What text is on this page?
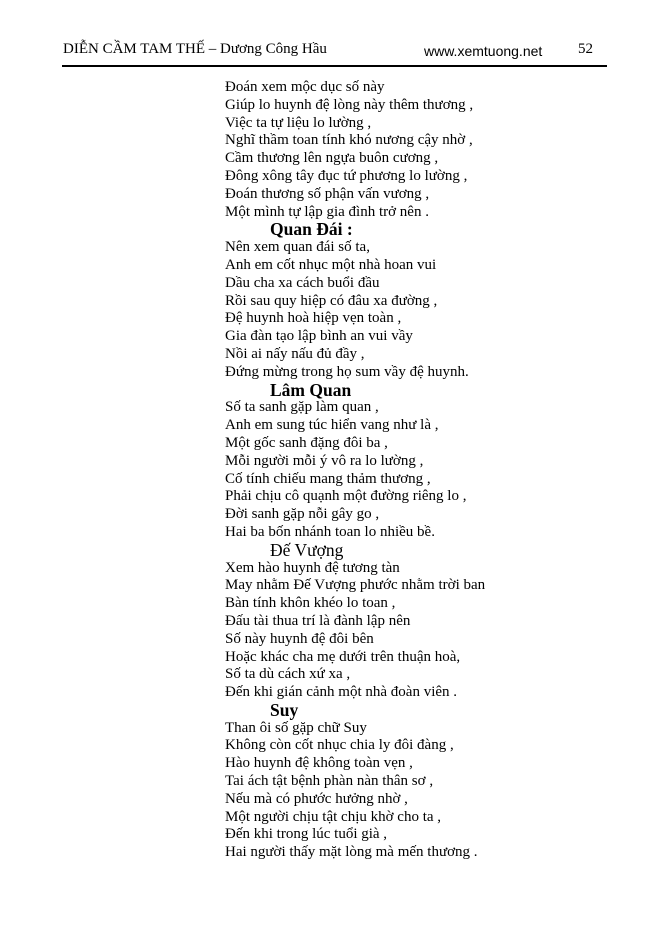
DIỄN CẦM TAM THẾ – Dương Công Hầu	www.xemtuong.net 52

Đoán xem mộc dục số này

Giúp lo huynh đệ lòng này thêm thương ,

Việc ta tự liệu lo lường ,

Nghĩ thầm toan tính khó nương cậy nhờ ,

Cầm thương lên ngựa buôn cương ,

Đông xông tây đục tứ phương lo lường ,

Đoán thương số phận vấn vương ,

Một mình tự lập gia đình trở nên .

Quan Đái :

Nên xem quan đái số ta,

Anh em cốt nhục một nhà hoan vui

Dầu cha xa cách buổi đầu

Rồi sau quy hiệp có đâu xa đường ,

Đệ huynh hoà hiệp vẹn toàn ,

Gia đàn tạo lập bình an vui vầy

Nồi ai nấy nấu đủ đầy ,

Đứng mừng trong họ sum vầy đệ huynh.

Lâm Quan

Số ta sanh gặp làm quan ,

Anh em sung túc hiển vang như là ,

Một gốc sanh đặng đôi ba ,

Mỗi người mỗi ý vô ra lo lường ,

Cố tính chiếu mang thảm thương ,

Phải chịu cô quạnh một đường riêng lo ,

Đời sanh gặp nỗi gây go ,

Hai ba bốn nhánh toan lo nhiều bề.

Đế Vượng

Xem hào huynh đệ tương tàn

May nhằm Đế Vượng phước nhằm trời ban

Bàn tính khôn khéo lo toan ,

Đấu tài thua trí là đành lập nên

Số này huynh đệ đôi bên

Hoặc khác cha mẹ dưới trên thuận hoà,

Số ta dù cách xứ xa ,

Đến khi gián cảnh một nhà đoàn viên .

Suy

Than ôi số gặp chữ Suy

Không còn cốt nhục chia ly đôi đàng ,

Hào huynh đệ không toàn vẹn ,

Tai ách tật bệnh phàn nàn thân sơ ,

Nếu mà có phước hưởng nhờ ,

Một người chịu tật chịu khờ cho ta ,

Đến khi trong lúc tuổi già ,

Hai người thấy mặt lòng mà mến thương .
